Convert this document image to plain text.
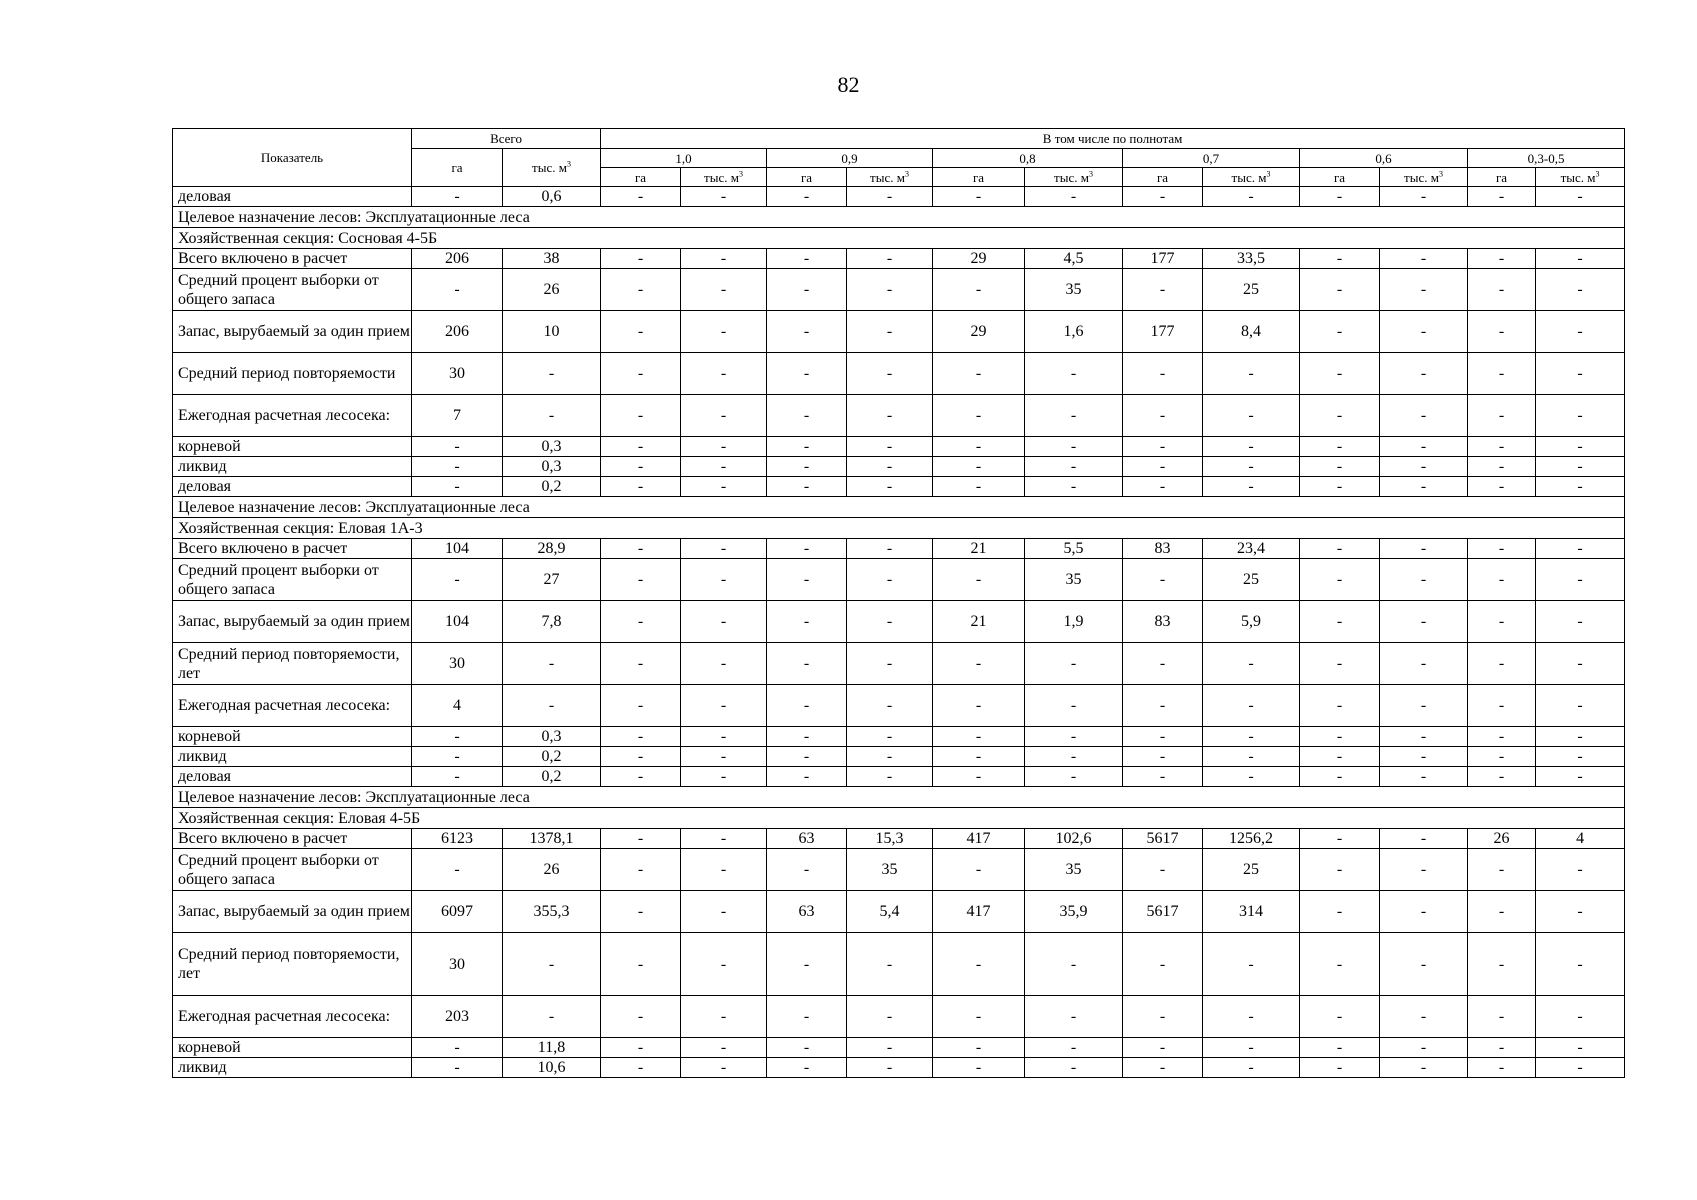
82
Показатель	Всего		В том числе по полнотам											
	га	тыс. $м^3$	1,0		0,9		0,8		0,7		0,6		0,3-0,5	
			га	тыс. $м^3$	га	тыс. $м^3$	га	тыс. $м^3$	га	тыс. $м^3$	га	тыс. $м^3$	га	тыс. $м^3$
деловая	-	0,6	-	-	-	-	-	-	-	-	-	-	-	-
Целевое назначение лесов: Эксплуатационные леса														
Хозяйственная секция: Сосновая 4-5Б														
Всего включено в расчет	206	38	-	-	-	-	29	4,5	177	33,5	-	-	-	-
Средний процент выборки от общего запаса	-	26	-	-	-	-	-	35	-	25	-	-	-	-
Запас, вырубаемый за один прием	206	10	-	-	-	-	29	1,6	177	8,4	-	-	-	-
Средний период повторяемости	30	-	-	-	-	-	-	-	-	-	-	-	-	-
Ежегодная расчетная лесосека:	7	-	-	-	-	-	-	-	-	-	-	-	-	-
корневой	-	0,3	-	-	-	-	-	-	-	-	-	-	-	-
ликвид	-	0,3	-	-	-	-	-	-	-	-	-	-	-	-
деловая	-	0,2	-	-	-	-	-	-	-	-	-	-	-	-
Целевое назначение лесов: Эксплуатационные леса														
Хозяйственная секция: Еловая 1А-3														
Всего включено в расчет	104	28,9	-	-	-	-	21	5,5	83	23,4	-	-	-	-
Средний процент выборки от общего запаса	-	27	-	-	-	-	-	35	-	25	-	-	-	-
Запас, вырубаемый за один прием	104	7,8	-	-	-	-	21	1,9	83	5,9	-	-	-	-
Средний период повторяемости, лет	30	-	-	-	-	-	-	-	-	-	-	-	-	-
Ежегодная расчетная лесосека:	4	-	-	-	-	-	-	-	-	-	-	-	-	-
корневой	-	0,3	-	-	-	-	-	-	-	-	-	-	-	-
ликвид	-	0,2	-	-	-	-	-	-	-	-	-	-	-	-
деловая	-	0,2	-	-	-	-	-	-	-	-	-	-	-	-
Целевое назначение лесов: Эксплуатационные леса														
Хозяйственная секция: Еловая 4-5Б														
Всего включено в расчет	6123	1378,1	-	-	63	15,3	417	102,6	5617	1256,2	-	-	26	4
Средний процент выборки от общего запаса	-	26	-	-	-	35	-	35	-	25	-	-	-	-
Запас, вырубаемый за один прием	6097	355,3	-	-	63	5,4	417	35,9	5617	314	-	-	-	-
Средний период повторяемости, лет	30	-	-	-	-	-	-	-	-	-	-	-	-	-
Ежегодная расчетная лесосека:	203	-	-	-	-	-	-	-	-	-	-	-	-	-
корневой	-	11,8	-	-	-	-	-	-	-	-	-	-	-	-
ликвид	-	10,6	-	-	-	-	-	-	-	-	-	-	-	-
